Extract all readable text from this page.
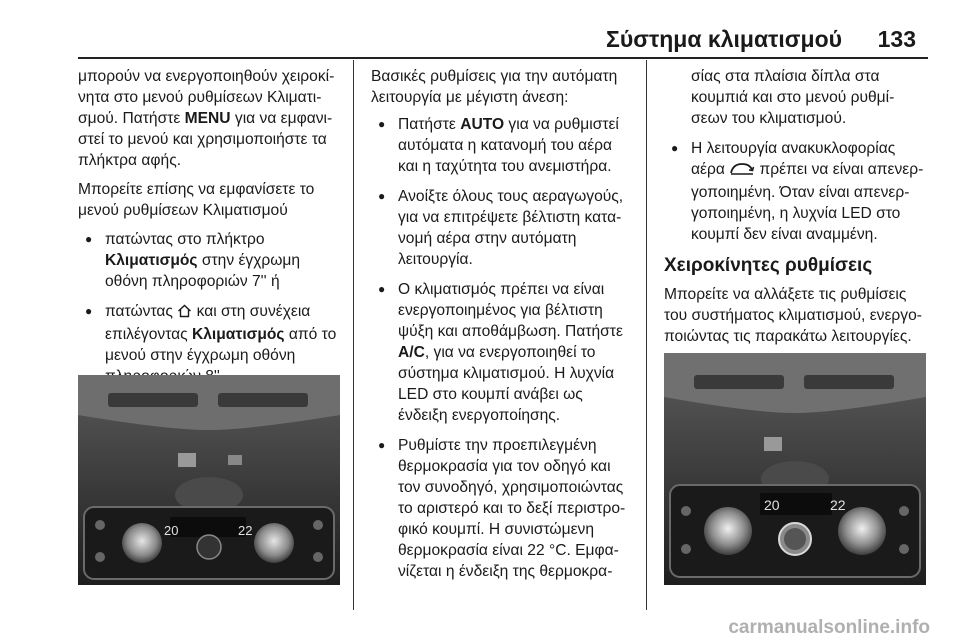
Σύστημα κλιματισμού 133

μπορούν να ενεργοποιηθούν χειροκί-
νητα στο μενού ρυθμίσεων Κλιματι-
σμού. Πατήστε MENU για να εμφανι-
στεί το μενού και χρησιμοποιήστε τα
πλήκτρα αφής.

Μπορείτε επίσης να εμφανίσετε το
μενού ρυθμίσεων Κλιματισμού

● πατώντας στο πλήκτρο
Κλιματισμός στην έγχρωμη
οθόνη πληροφοριών 7'' ή
● πατώντας  και στη συνέχεια
επιλέγοντας Κλιματισμός από το
μενού στην έγχρωμη οθόνη

20	22

Βασικές ρυθμίσεις για την αυτόματη
λειτουργία με μέγιστη άνεση:

● Πατήστε AUTO για να ρυθμιστεί
αυτόματα η κατανομή του αέρα
και η ταχύτητα του ανεμιστήρα.
● Ανοίξτε όλους τους αεραγωγούς,
για να επιτρέψετε βέλτιστη κατα-
νομή αέρα στην αυτόματη
λειτουργία.
● Ο κλιματισμός πρέπει να είναι
ενεργοποιημένος για βέλτιστη
ψύξη και αποθάμβωση. Πατήστε
A/C, για να ενεργοποιηθεί το
σύστημα κλιματισμού. Η λυχνία
LED στο κουμπί ανάβει ως
ένδειξη ενεργοποίησης.
● Ρυθμίστε την προεπιλεγμένη
θερμοκρασία για τον οδηγό και
τον συνοδηγό, χρησιμοποιώντας
το αριστερό και το δεξί περιστρο-
φικό κουμπί. Η συνιστώμενη
θερμοκρασία είναι 22 °C. Εμφα-
νίζεται η ένδειξη της θερμοκρα-

σίας στα πλαίσια δίπλα στα
κουμπιά και στο μενού ρυθμί-
σεων του κλιματισμού.

● Η λειτουργία ανακυκλοφορίας
αέρα  πρέπει να είναι απενερ-
γοποιημένη. Όταν είναι απενερ-
γοποιημένη, η λυχνία LED στο
κουμπί δεν είναι αναμμένη.
Χειροκίνητες ρυθμίσεις

Μπορείτε να αλλάξετε τις ρυθμίσεις
του συστήματος κλιματισμού, ενεργο-
ποιώντας τις παρακάτω λειτουργίες.

20	22
carmanualsonline.info
